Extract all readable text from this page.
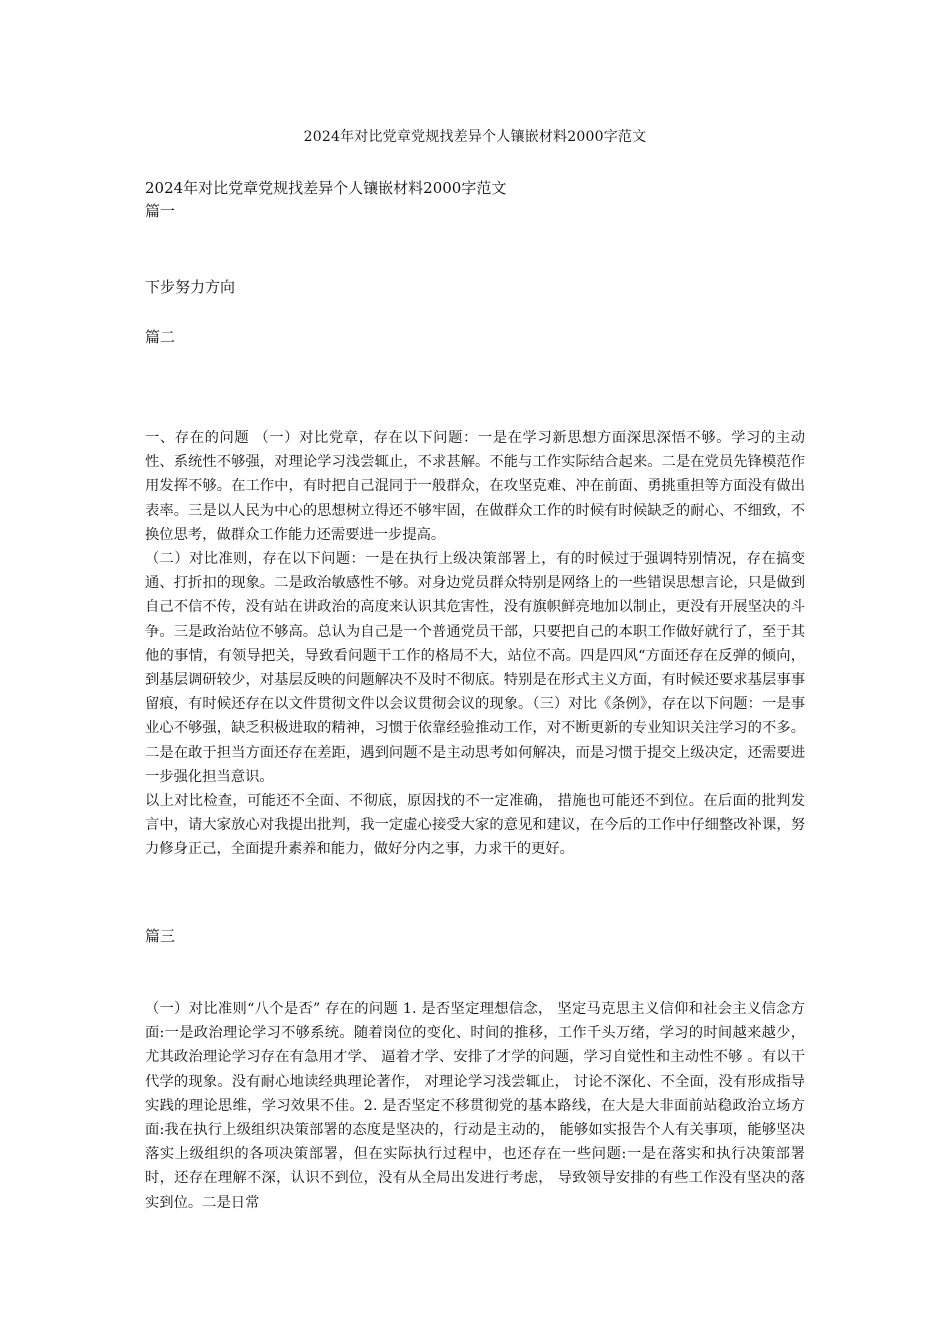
2024年对比党章党规找差异个人镶嵌材料2000字范文
2024年对比党章党规找差异个人镶嵌材料2000字范文
篇一
下步努力方向
篇二

一、存在的问题 （一）对比党章，存在以下问题：一是在学习新思想方面深思深悟不够。学习的主动性、系统性不够强，对理论学习浅尝辄止，不求甚解。不能与工作实际结合起来。二是在党员先锋模范作用发挥不够。在工作中，有时把自己混同于一般群众，在攻坚克难、冲在前面、勇挑重担等方面没有做出表率。三是以人民为中心的思想树立得还不够牢固，在做群众工作的时候有时候缺乏的耐心、不细致，不换位思考，做群众工作能力还需要进一步提高。

（二）对比准则，存在以下问题：一是在执行上级决策部署上，有的时候过于强调特别情况，存在搞变通、打折扣的现象。二是政治敏感性不够。对身边党员群众特别是网络上的一些错误思想言论，只是做到自己不信不传，没有站在讲政治的高度来认识其危害性，没有旗帜鲜亮地加以制止，更没有开展坚决的斗争。三是政治站位不够高。总认为自己是一个普通党员干部，只要把自己的本职工作做好就行了，至于其他的事情，有领导把关，导致看问题干工作的格局不大，站位不高。四是四风“方面还存在反弹的倾向，到基层调研较少，对基层反映的问题解决不及时不彻底。特别是在形式主义方面，有时候还要求基层事事留痕，有时候还存在以文件贯彻文件以会议贯彻会议的现象。（三）对比《条例》，存在以下问题：一是事业心不够强，缺乏积极进取的精神，习惯于依靠经验推动工作，对不断更新的专业知识关注学习的不多。二是在敢于担当方面还存在差距，遇到问题不是主动思考如何解决，而是习惯于提交上级决定，还需要进一步强化担当意识。

以上对比检查，可能还不全面、不彻底，原因找的不一定准确， 措施也可能还不到位。在后面的批判发言中，请大家放心对我提出批判，我一定虚心接受大家的意见和建议，在今后的工作中仔细整改补课，努力修身正己，全面提升素养和能力，做好分内之事，力求干的更好。

篇三

（一）对比准则“八个是否” 存在的问题 1. 是否坚定理想信念， 坚定马克思主义信仰和社会主义信念方面:一是政治理论学习不够系统。随着岗位的变化、时间的推移，工作千头万绪，学习的时间越来越少，尤其政治理论学习存在有急用才学、 逼着才学、安排了才学的问题，学习自觉性和主动性不够 。有以干代学的现象。没有耐心地读经典理论著作， 对理论学习浅尝辄止， 讨论不深化、不全面，没有形成指导实践的理论思维，学习效果不佳。2. 是否坚定不移贯彻党的基本路线，在大是大非面前站稳政治立场方面:我在执行上级组织决策部署的态度是坚决的，行动是主动的， 能够如实报告个人有关事项，能够坚决落实上级组织的各项决策部署，但在实际执行过程中，也还存在一些问题:一是在落实和执行决策部署时，还存在理解不深，认识不到位，没有从全局出发进行考虑， 导致领导安排的有些工作没有坚决的落实到位。二是日常
